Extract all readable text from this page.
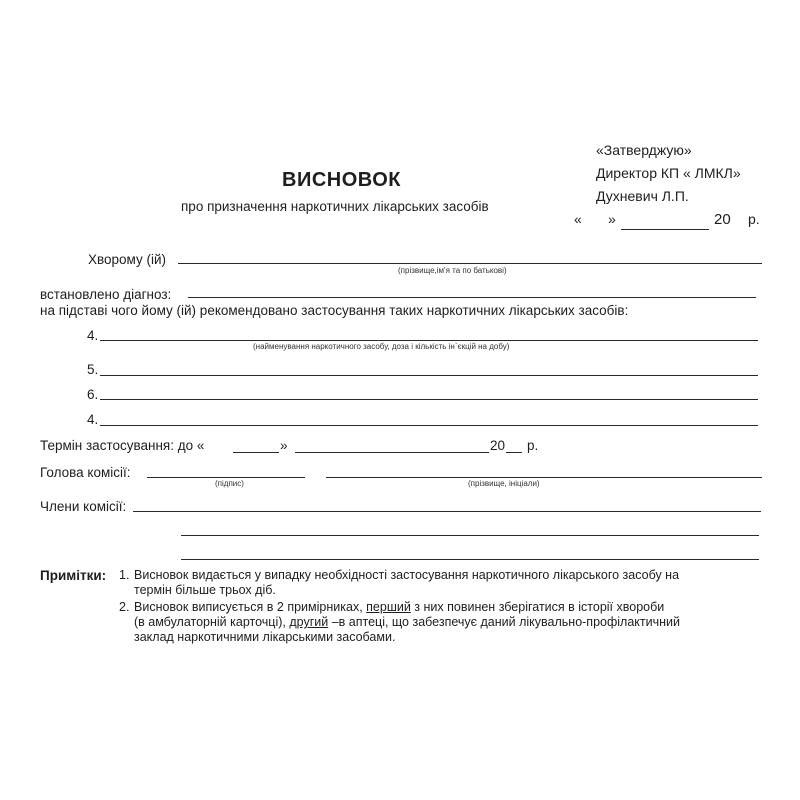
«Затверджую»
Директор КП « ЛМКЛ»
Духневич Л.П.
« »	20 р.
ВИСНОВОК
про призначення наркотичних лікарських засобів
Хворому (ій)
(прізвище,ім'я та по батькові)
встановлено діагноз:
на підставі чого йому (ій) рекомендовано застосування таких наркотичних лікарських засобів:
4.
(найменування наркотичного засобу, доза і кількість ін`єкцій на добу)
5.
6.
4.
Термін застосування: до «	»	20 р.
Голова комісії:
(підпис)	(прізвище, ініціали)
Члени комісії:
Примітки: 1. Висновок видається у випадку необхідності застосування наркотичного лікарського засобу на
термін більше трьох діб.
2. Висновок виписується в 2 примірниках, перший з них повинен зберігатися в історії хвороби
(в амбулаторній карточці), другий –в аптеці, що забезпечує даний лікувально-профілактичний
заклад наркотичними лікарськими засобами.
